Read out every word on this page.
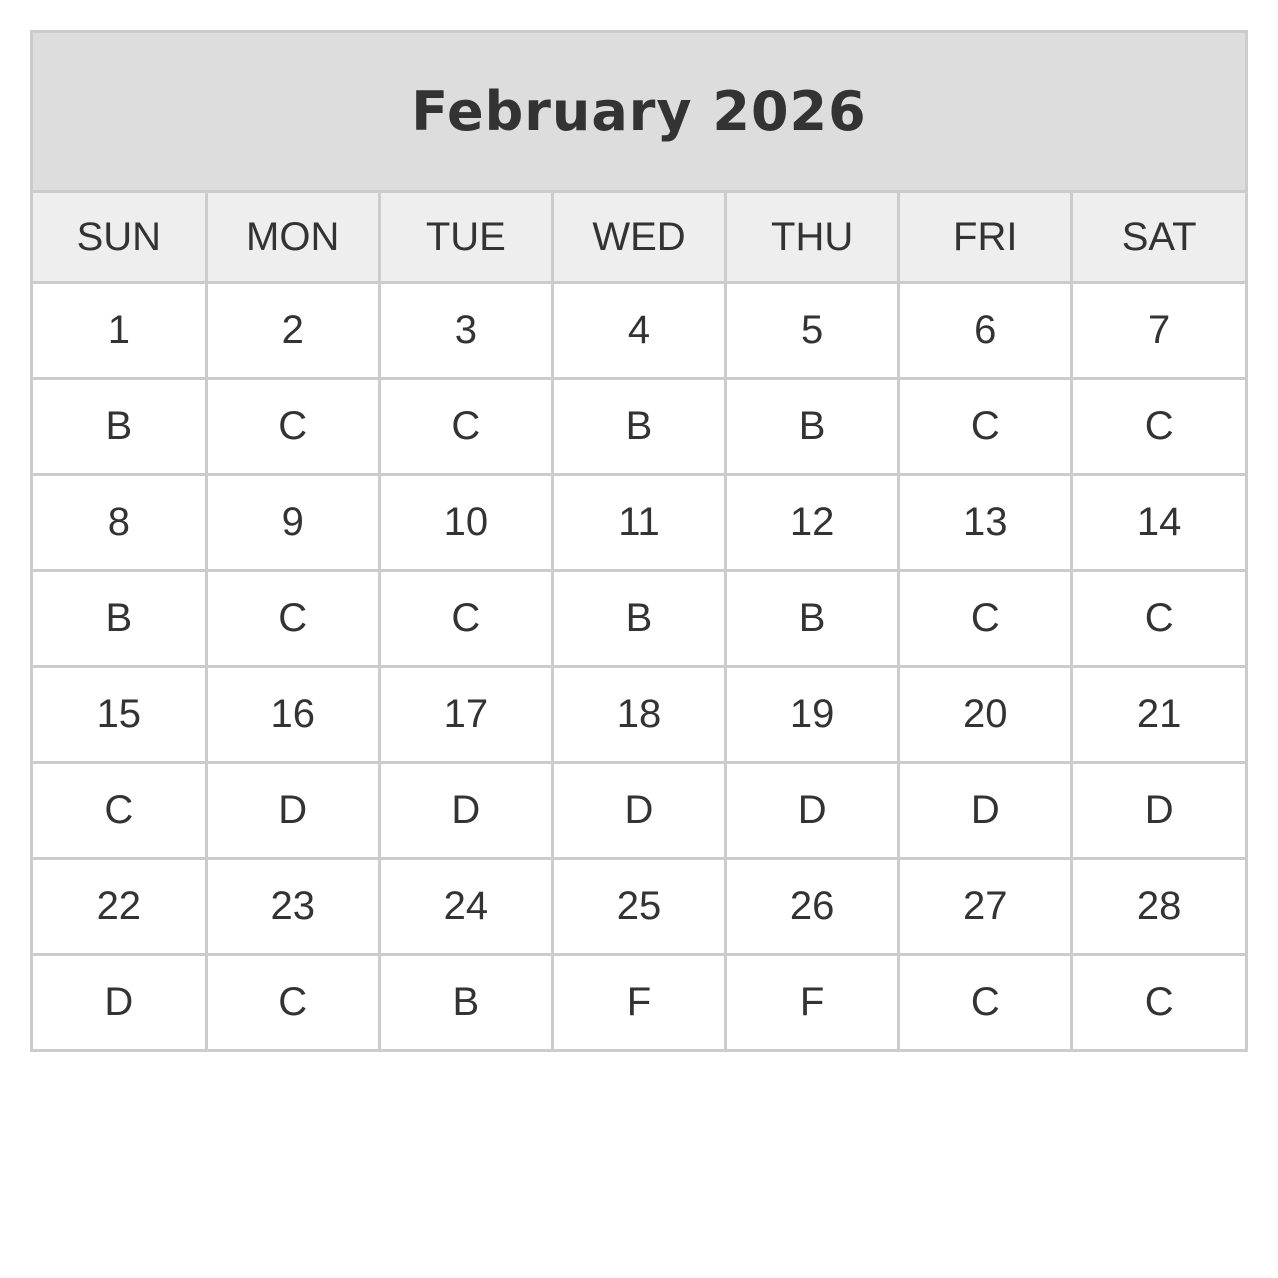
February 2026
SUN	MON	TUE	WED	THU	FRI	SAT
1	2	3	4	5	6	7
B	C	C	B	B	C	C
8	9	10	11	12	13	14
B	C	C	B	B	C	C
15	16	17	18	19	20	21
C	D	D	D	D	D	D
22	23	24	25	26	27	28
D	C	B	F	F	C	C
